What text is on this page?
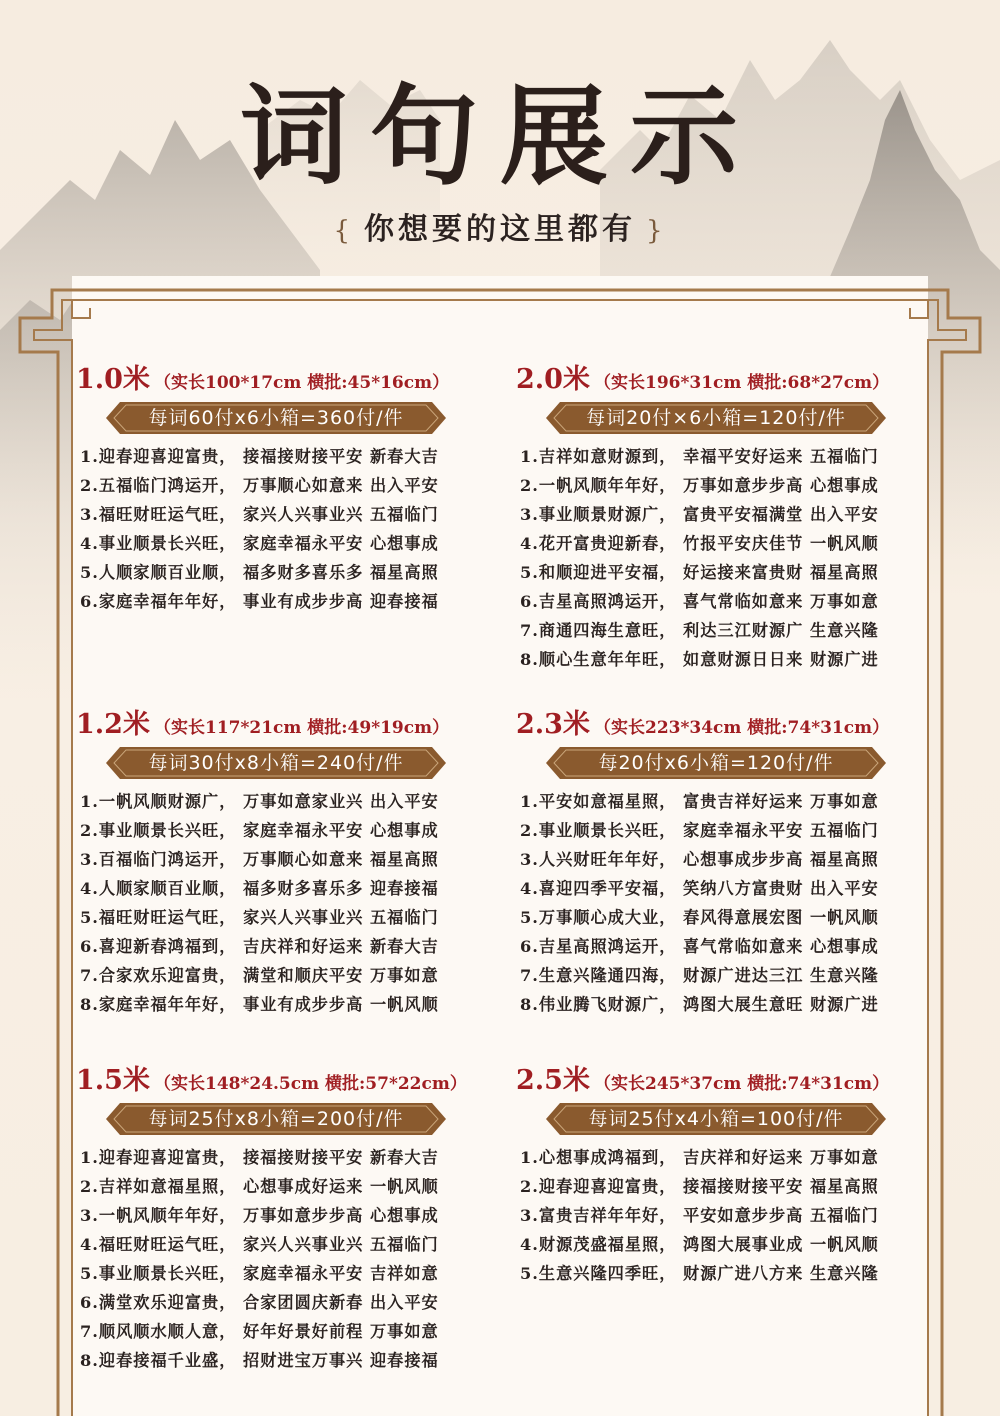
词句展示
{ 你想要的这里都有 }
1.0米 （实长100*17cm 横批:45*16cm）
每词60付x6小箱=360付/件
1.迎春迎喜迎富贵， 接福接财接平安 新春大吉
2.五福临门鸿运开， 万事顺心如意来 出入平安
3.福旺财旺运气旺， 家兴人兴事业兴 五福临门
4.事业顺景长兴旺， 家庭幸福永平安 心想事成
5.人顺家顺百业顺， 福多财多喜乐多 福星高照
6.家庭幸福年年好， 事业有成步步高 迎春接福
2.0米 （实长196*31cm 横批:68*27cm）
每词20付×6小箱=120付/件
1.吉祥如意财源到， 幸福平安好运来 五福临门
2.一帆风顺年年好， 万事如意步步高 心想事成
3.事业顺景财源广， 富贵平安福满堂 出入平安
4.花开富贵迎新春， 竹报平安庆佳节 一帆风顺
5.和顺迎进平安福， 好运接来富贵财 福星高照
6.吉星高照鸿运开， 喜气常临如意来 万事如意
7.商通四海生意旺， 利达三江财源广 生意兴隆
8.顺心生意年年旺， 如意财源日日来 财源广进
1.2米 （实长117*21cm 横批:49*19cm）
每词30付x8小箱=240付/件
1.一帆风顺财源广， 万事如意家业兴 出入平安
2.事业顺景长兴旺， 家庭幸福永平安 心想事成
3.百福临门鸿运开， 万事顺心如意来 福星高照
4.人顺家顺百业顺， 福多财多喜乐多 迎春接福
5.福旺财旺运气旺， 家兴人兴事业兴 五福临门
6.喜迎新春鸿福到， 吉庆祥和好运来 新春大吉
7.合家欢乐迎富贵， 满堂和顺庆平安 万事如意
8.家庭幸福年年好， 事业有成步步高 一帆风顺
2.3米 （实长223*34cm 横批:74*31cm）
每20付x6小箱=120付/件
1.平安如意福星照， 富贵吉祥好运来 万事如意
2.事业顺景长兴旺， 家庭幸福永平安 五福临门
3.人兴财旺年年好， 心想事成步步高 福星高照
4.喜迎四季平安福， 笑纳八方富贵财 出入平安
5.万事顺心成大业， 春风得意展宏图 一帆风顺
6.吉星高照鸿运开， 喜气常临如意来 心想事成
7.生意兴隆通四海， 财源广进达三江 生意兴隆
8.伟业腾飞财源广， 鸿图大展生意旺 财源广进
1.5米 （实长148*24.5cm 横批:57*22cm）
每词25付x8小箱=200付/件
1.迎春迎喜迎富贵， 接福接财接平安 新春大吉
2.吉祥如意福星照， 心想事成好运来 一帆风顺
3.一帆风顺年年好， 万事如意步步高 心想事成
4.福旺财旺运气旺， 家兴人兴事业兴 五福临门
5.事业顺景长兴旺， 家庭幸福永平安 吉祥如意
6.满堂欢乐迎富贵， 合家团圆庆新春 出入平安
7.顺风顺水顺人意， 好年好景好前程 万事如意
8.迎春接福千业盛， 招财进宝万事兴 迎春接福
2.5米 （实长245*37cm 横批:74*31cm）
每词25付x4小箱=100付/件
1.心想事成鸿福到， 吉庆祥和好运来 万事如意
2.迎春迎喜迎富贵， 接福接财接平安 福星高照
3.富贵吉祥年年好， 平安如意步步高 五福临门
4.财源茂盛福星照， 鸿图大展事业成 一帆风顺
5.生意兴隆四季旺， 财源广进八方来 生意兴隆
